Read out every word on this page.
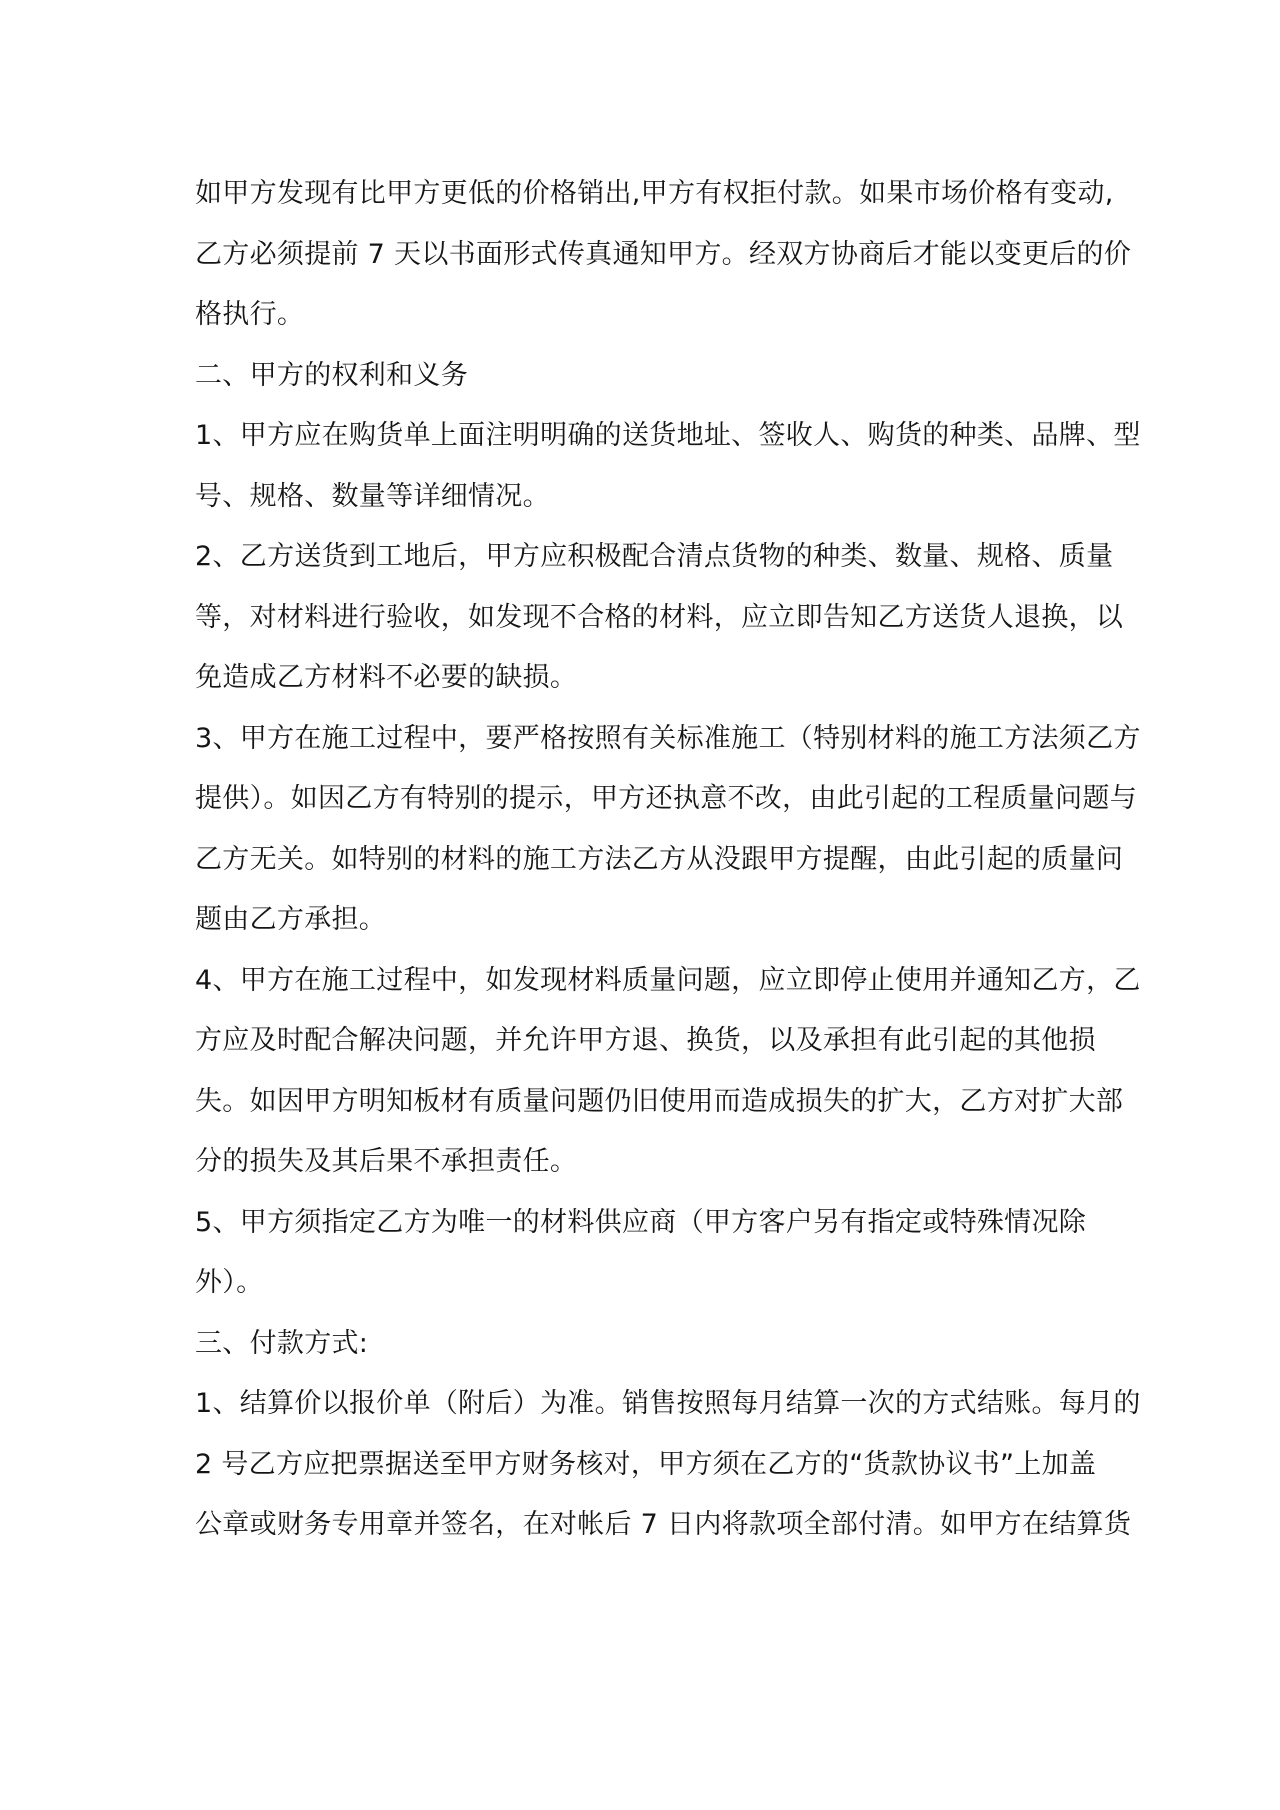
如甲方发现有比甲方更低的价格销出,甲方有权拒付款。如果市场价格有变动,
乙方必须提前 7 天以书面形式传真通知甲方。经双方协商后才能以变更后的价
格执行。
二、甲方的权利和义务
1、甲方应在购货单上面注明明确的送货地址、签收人、购货的种类、品牌、型
号、规格、数量等详细情况。
2、乙方送货到工地后，甲方应积极配合清点货物的种类、数量、规格、质量
等，对材料进行验收，如发现不合格的材料，应立即告知乙方送货人退换，以
免造成乙方材料不必要的缺损。
3、甲方在施工过程中，要严格按照有关标准施工（特别材料的施工方法须乙方
提供）。如因乙方有特别的提示，甲方还执意不改，由此引起的工程质量问题与
乙方无关。如特别的材料的施工方法乙方从没跟甲方提醒，由此引起的质量问
题由乙方承担。
4、甲方在施工过程中，如发现材料质量问题，应立即停止使用并通知乙方，乙
方应及时配合解决问题，并允许甲方退、换货，以及承担有此引起的其他损
失。如因甲方明知板材有质量问题仍旧使用而造成损失的扩大，乙方对扩大部
分的损失及其后果不承担责任。
5、甲方须指定乙方为唯一的材料供应商（甲方客户另有指定或特殊情况除
外）。
三、付款方式:
1、结算价以报价单（附后）为准。销售按照每月结算一次的方式结账。每月的
2 号乙方应把票据送至甲方财务核对，甲方须在乙方的“货款协议书”上加盖
公章或财务专用章并签名，在对帐后 7 日内将款项全部付清。如甲方在结算货
